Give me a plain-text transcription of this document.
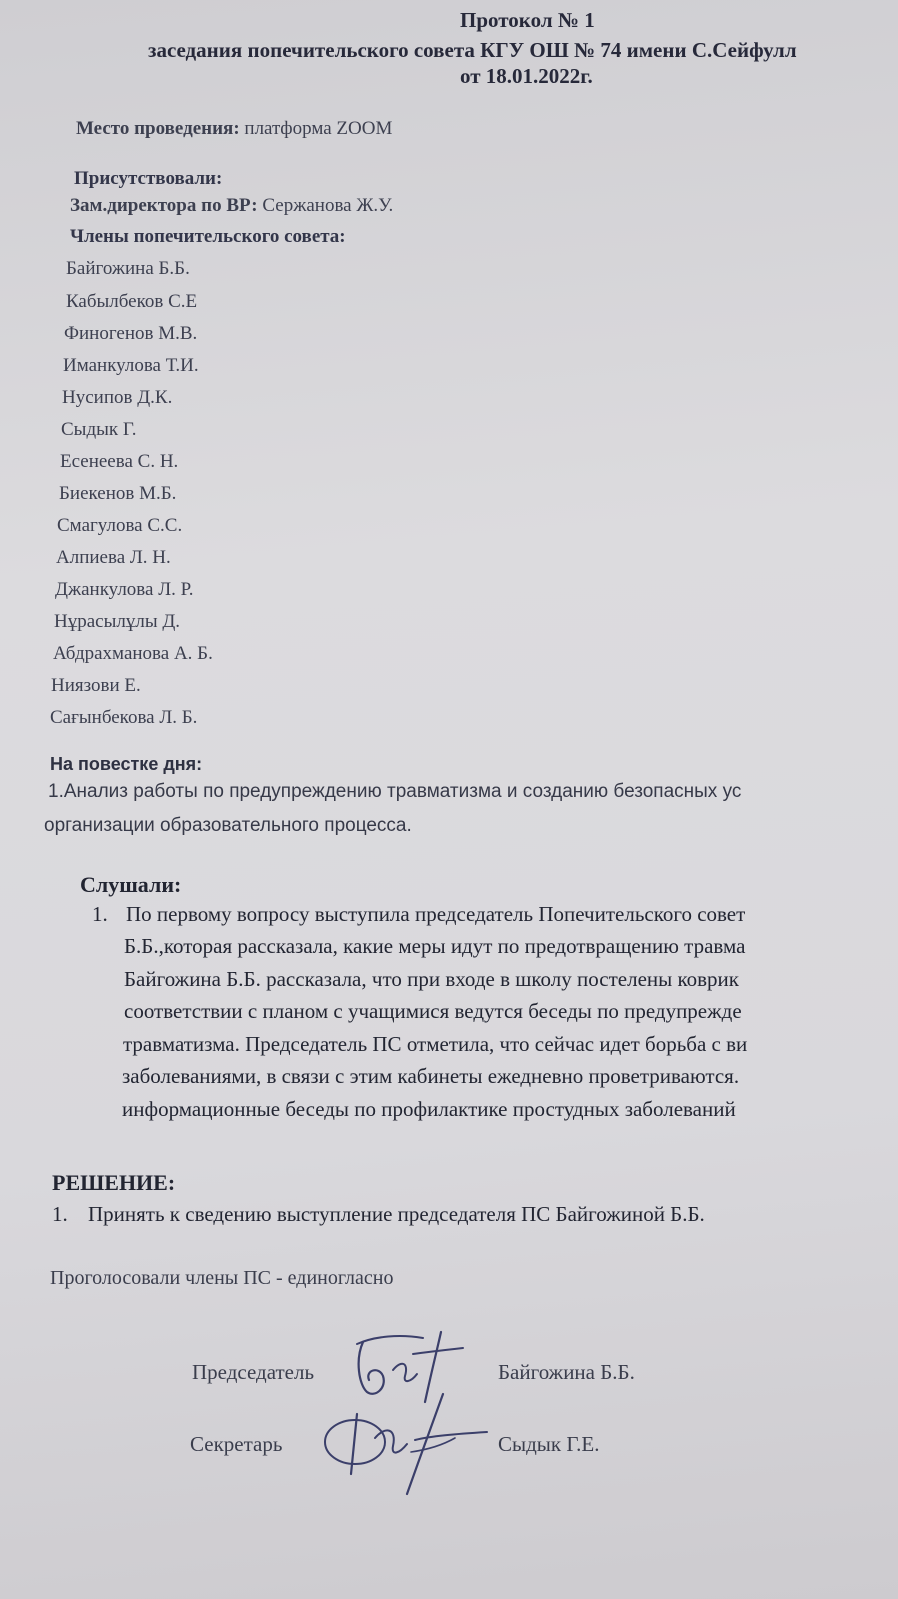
Протокол № 1
заседания попечительского совета КГУ ОШ № 74 имени С.Сейфулл
от 18.01.2022г.
Место проведения: платформа ZOOM
Присутствовали:
Зам.директора по ВР: Сержанова Ж.У.
Члены попечительского совета:
Байгожина Б.Б.
Кабылбеков С.Е
Финогенов М.В.
Иманкулова Т.И.
Нусипов Д.К.
Сыдык Г.
Есенеева С. Н.
Биекенов М.Б.
Смагулова С.С.
Алпиева Л. Н.
Джанкулова Л. Р.
Нұрасылұлы Д.
Абдрахманова А. Б.
Ниязови Е.
Сағынбекова Л. Б.
На повестке дня:
1.Анализ работы по предупреждению травматизма и созданию безопасных ус
организации образовательного процесса.
Слушали:
1. По первому вопросу выступила председатель Попечительского совет
Б.Б.,которая рассказала, какие меры идут по предотвращению травма
Байгожина Б.Б. рассказала, что при входе в школу постелены коврик
соответствии с планом с учащимися ведутся беседы по предупрежде
травматизма. Председатель ПС отметила, что сейчас идет борьба с ви
заболеваниями, в связи с этим кабинеты ежедневно проветриваются.
информационные беседы по профилактике простудных заболеваний
РЕШЕНИЕ:
1. Принять к сведению выступление председателя ПС Байгожиной Б.Б.
Проголосовали члены ПС - единогласно
Председатель	Байгожина Б.Б.
Секретарь	Сыдык Г.Е.
